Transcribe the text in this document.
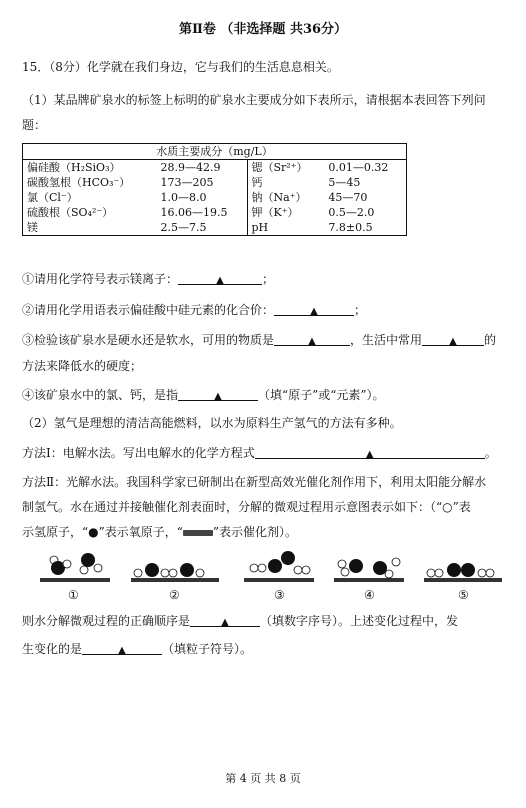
第Ⅱ卷 （非选择题 共36分）
15．（8分）化学就在我们身边，它与我们的生活息息相关。
（1）某品牌矿泉水的标签上标明的矿泉水主要成分如下表所示，请根据本表回答下列问
题：
水质主要成分（mg/L）			
偏硅酸（H₂SiO₃）	28.9—42.9	锶（Sr²⁺）	0.01—0.32
碳酸氢根（HCO₃⁻）	173—205	钙	5—45
氯（Cl⁻）	1.0—8.0	钠（Na⁺）	45—70
硫酸根（SO₄²⁻）	16.06—19.5	钾（K⁺）	0.5—2.0
镁	2.5—7.5	pH	7.8±0.5
①请用化学符号表示镁离子：	▲	；
②请用化学用语表示偏硅酸中硅元素的化合价：	▲	；
③检验该矿泉水是硬水还是软水，可用的物质是	▲	，生活中常用	▲ 的
方法来降低水的硬度；
④该矿泉水中的氯、钙，是指	▲	（填“原子”或“元素”）。
（2）氢气是理想的清洁高能燃料，以水为原料生产氢气的方法有多种。
方法Ⅰ：电解水法。写出电解水的化学方程式	▲	。
方法Ⅱ：光解水法。我国科学家已研制出在新型高效光催化剂作用下，利用太阳能分解水
制氢气。水在通过并接触催化剂表面时，分解的微观过程用示意图表示如下：（“○”表
示氢原子，“●”表示氧原子，“	”表示催化剂）。
①	②	③	④	⑤
则水分解微观过程的正确顺序是	▲	（填数字序号）。上述变化过程中，发
生变化的是	▲	（填粒子符号）。
第 4 页 共 8 页
